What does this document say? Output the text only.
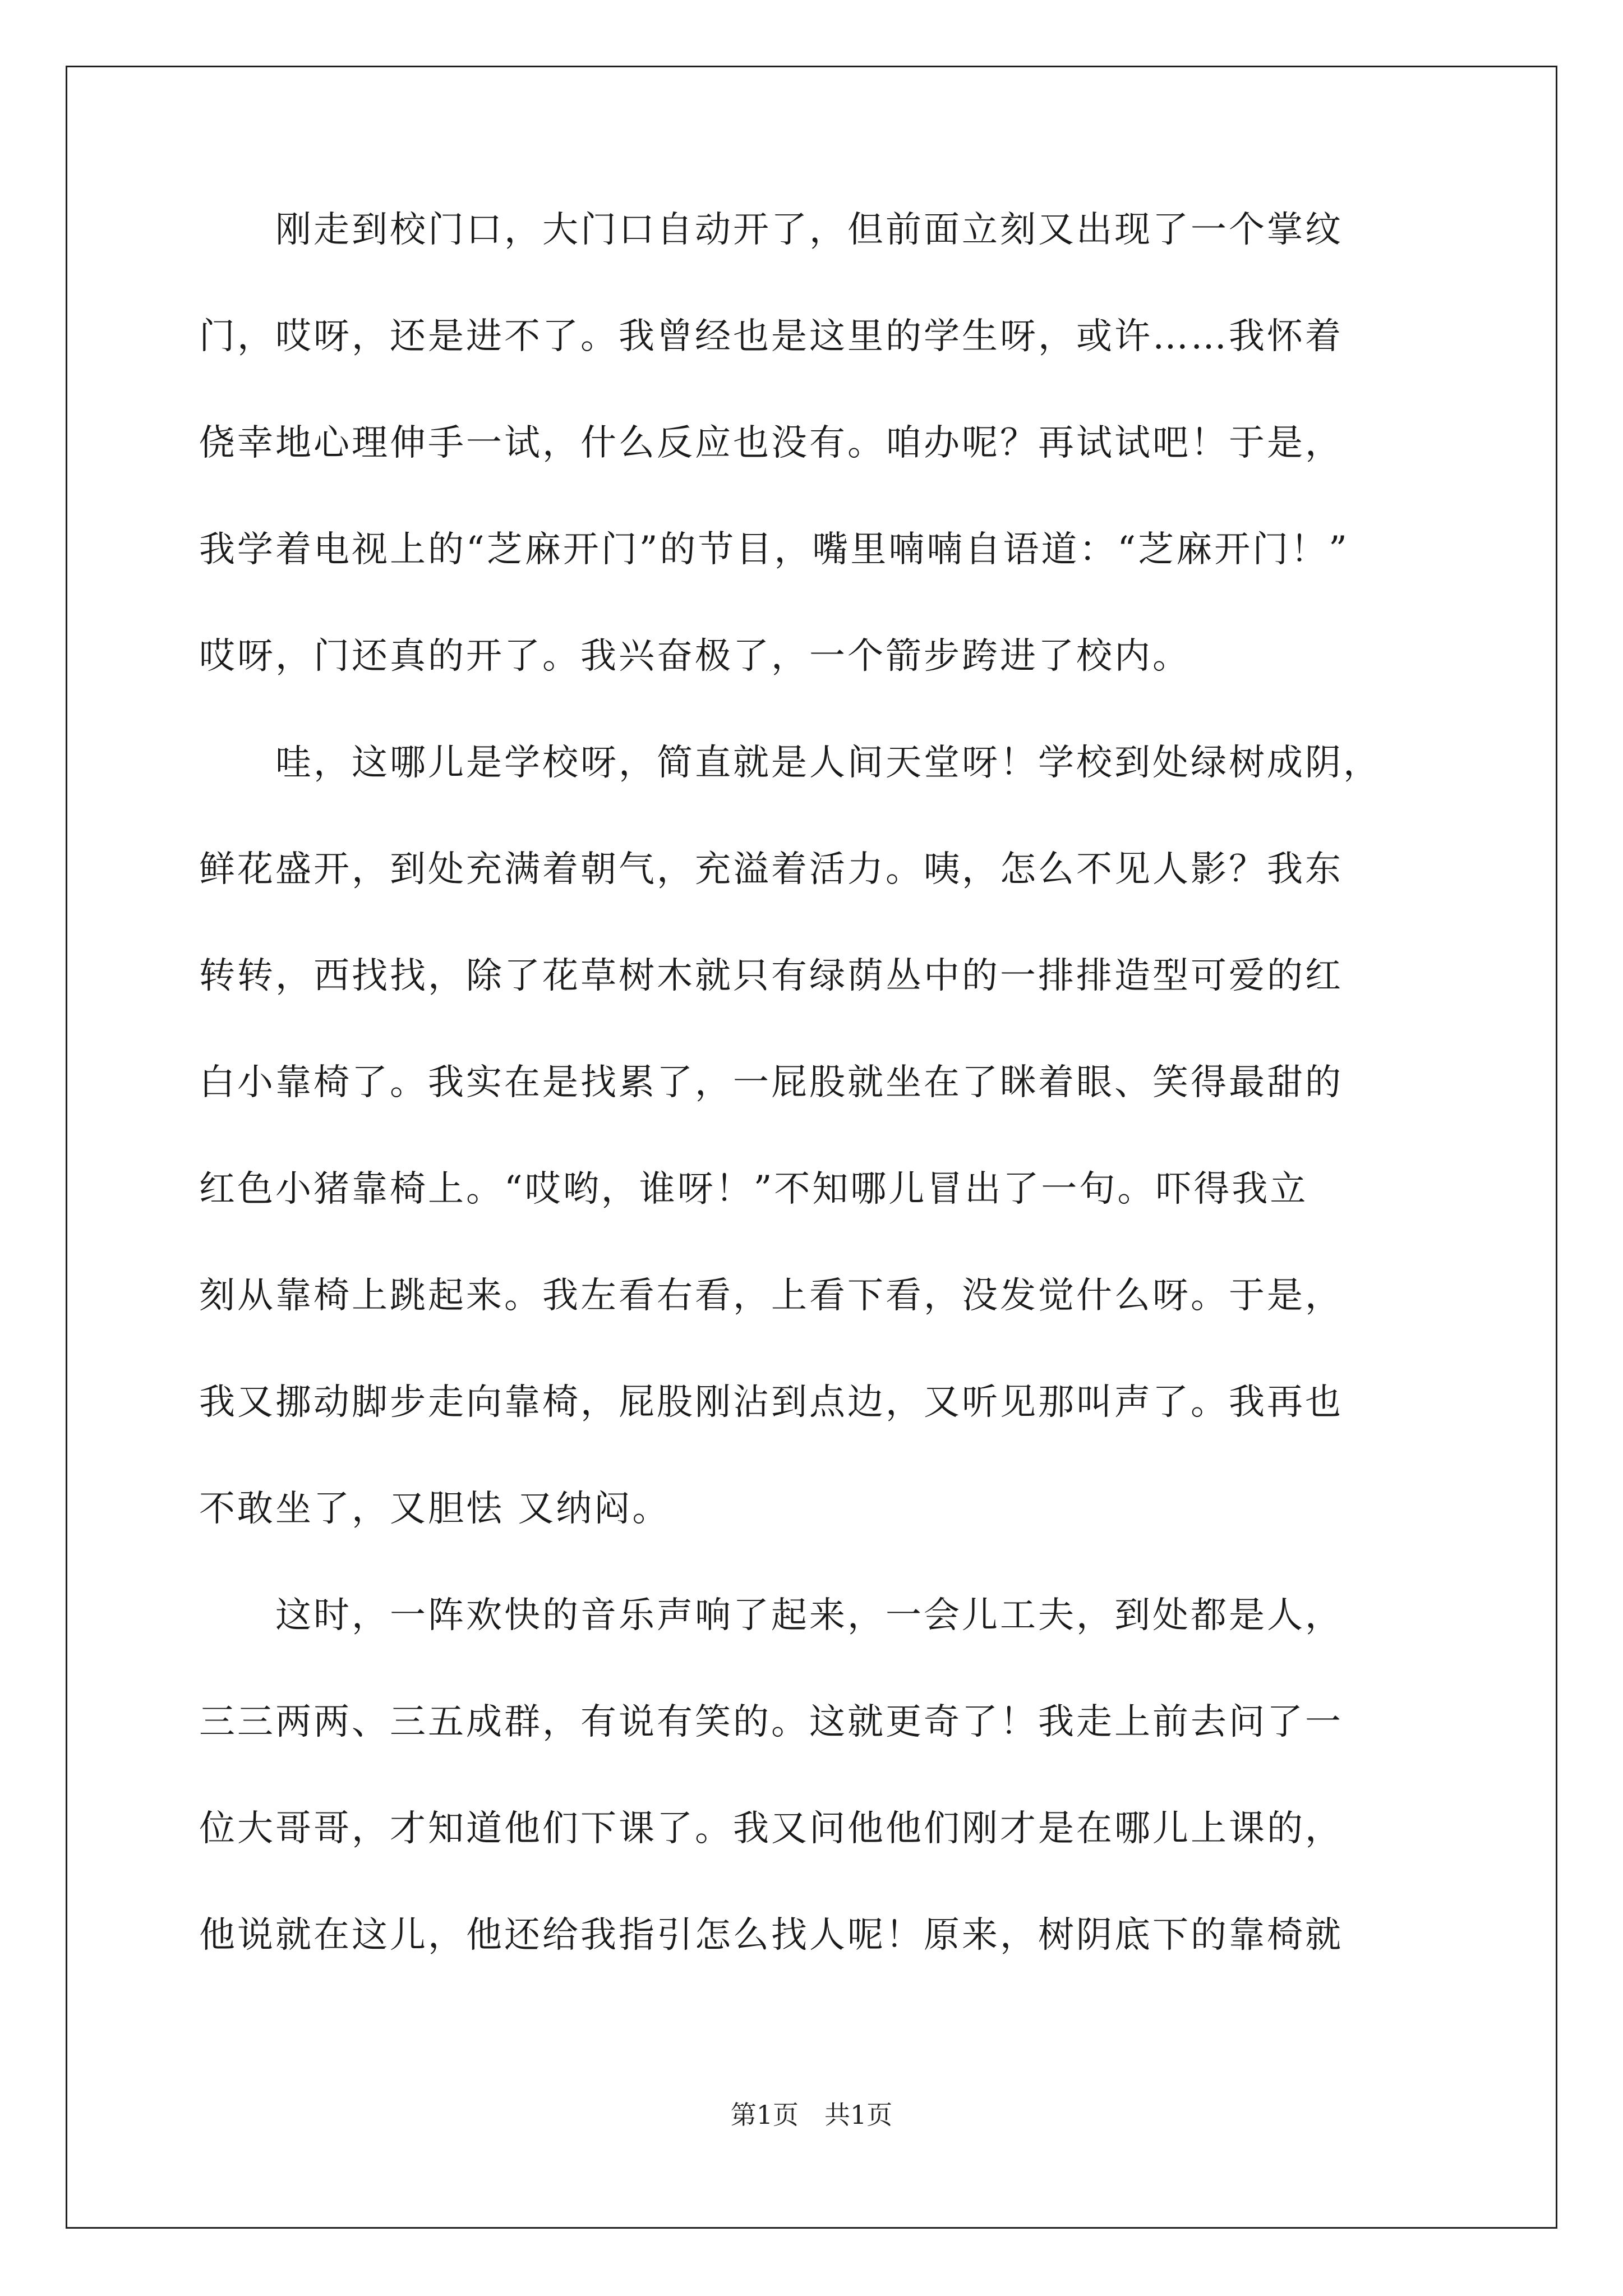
　　刚走到校门口，大门口自动开了，但前面立刻又出现了一个掌纹
门，哎呀，还是进不了。我曾经也是这里的学生呀，或许……我怀着
侥幸地心理伸手一试，什么反应也没有。咱办呢？再试试吧！于是，
我学着电视上的“芝麻开门”的节目，嘴里喃喃自语道：“芝麻开门！”
哎呀，门还真的开了。我兴奋极了，一个箭步跨进了校内。
　　哇，这哪儿是学校呀，简直就是人间天堂呀！学校到处绿树成阴，
鲜花盛开，到处充满着朝气，充溢着活力。咦，怎么不见人影？我东
转转，西找找，除了花草树木就只有绿荫丛中的一排排造型可爱的红
白小靠椅了。我实在是找累了，一屁股就坐在了眯着眼、笑得最甜的
红色小猪靠椅上。“哎哟，谁呀！”不知哪儿冒出了一句。吓得我立
刻从靠椅上跳起来。我左看右看，上看下看，没发觉什么呀。于是，
我又挪动脚步走向靠椅，屁股刚沾到点边，又听见那叫声了。我再也
不敢坐了，又胆怯 又纳闷。
　　这时，一阵欢快的音乐声响了起来，一会儿工夫，到处都是人，
三三两两、三五成群，有说有笑的。这就更奇了！我走上前去问了一
位大哥哥，才知道他们下课了。我又问他他们刚才是在哪儿上课的，
他说就在这儿，他还给我指引怎么找人呢！原来，树阴底下的靠椅就
第1页　共1页
